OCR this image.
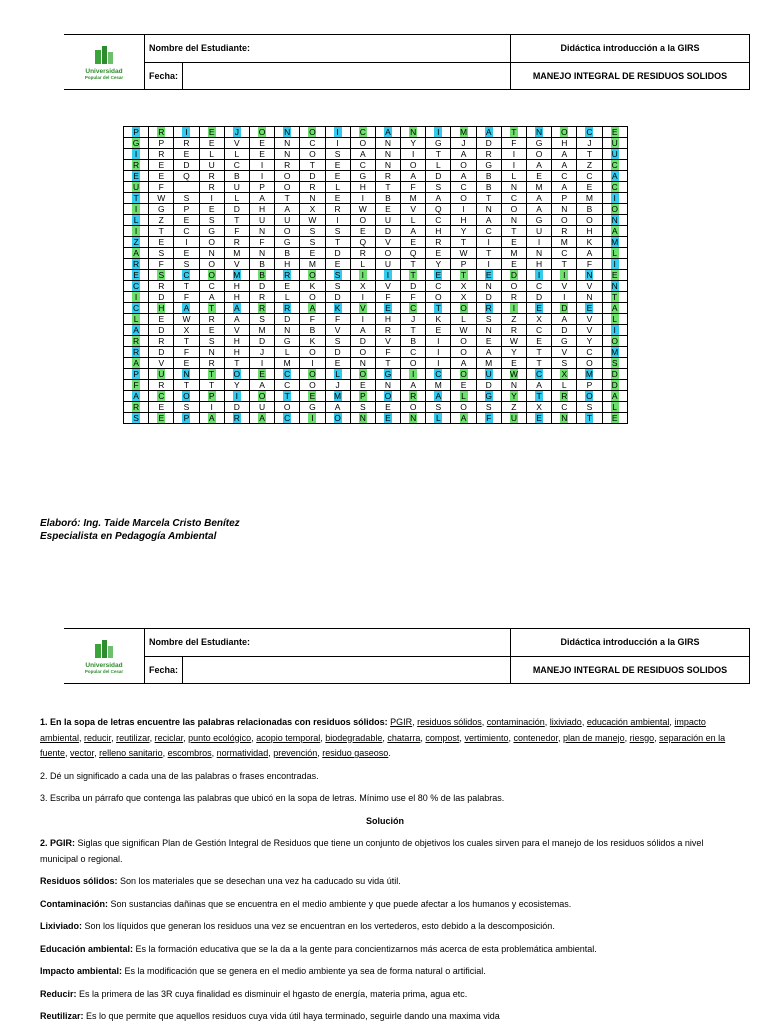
Universidad
Popular del Cesar	Nombre del Estudiante:		Didáctica introducción a la GIRS
	Fecha:		MANEJO INTEGRAL DE RESIDUOS SOLIDOS
P	R	I	E	J	O	N	O	I	C	A	N	I	M	A	T	N	O	C	E
G	P	R	E	V	E	N	C	I	O	N	Y	G	J	D	F	G	H	J	U
I	R	E	L	L	E	N	O	S	A	N	I	T	A	R	I	O	A	T	U
R	E	D	U	C	I	R	T	E	C	N	O	L	O	G	I	A	A	Z	C
E	E	Q	R	B	I	O	D	E	G	R	A	D	A	B	L	E	C	C	A
U	F		R	U	P	O	R	L	H	T	F	S	C	B	N	M	A	E	C
T	W	S	I	L	A	T	N	E	I	B	M	A	O	T	C	A	P	M	I
I	G	P	E	D	H	A	X	R	W	E	V	Q	I	N	O	A	N	B	O
L	Z	E	S	T	U	U	W	I	O	U	L	C	H	A	N	G	O	O	N
I	T	C	G	F	N	O	S	S	E	D	A	H	Y	C	T	U	R	H	A
Z	E	I	O	R	F	G	S	T	Q	V	E	R	T	I	E	I	M	K	M
A	S	E	N	M	N	B	E	D	R	O	Q	E	W	T	M	N	C	A	L
R	F	S	O	V	B	H	M	E	L	U	T	Y	P	I	E	H	T	F	I
E	S	C	O	M	B	R	O	S	I	I	T	E	T	E	D	I	I	N	E
C	R	T	C	H	D	E	K	S	X	V	D	C	X	N	O	C	V	V	N
I	D	F	A	H	R	L	O	D	I	F	F	O	X	D	R	D	I	N	T
C	H	A	T	A	R	R	A	K	V	E	C	T	O	R	I	E	D	E	A
L	E	W	R	A	S	D	F	F	I	H	J	K	L	S	Z	X	A	V	L
A	D	X	E	V	M	N	B	V	A	R	T	E	W	N	R	C	D	V	I
R	R	T	S	H	D	G	K	S	D	V	B	I	O	E	W	E	G	Y	O
R	D	F	N	H	J	L	O	D	O	F	C	I	O	A	Y	T	V	C	M
A	V	E	R	T	I	M	I	E	N	T	O	I	A	M	E	T	S	O	S
P	U	N	T	O	E	C	O	L	O	G	I	C	O	U	W	C	X	M	D
F	R	T	T	Y	A	C	O	J	E	N	A	M	E	D	N	A	L	P	D
A	C	O	P	I	O	T	E	M	P	O	R	A	L	G	Y	T	R	O	A
R	E	S	I	D	U	O	G	A	S	E	O	S	O	S	Z	X	C	S	L
S	E	P	A	R	A	C	I	O	N	E	N	L	A	F	U	E	N	T	E
Elaboró: Ing. Taide Marcela Cristo Benítez
Especialista en Pedagogía Ambiental
Universidad
Popular del Cesar	Nombre del Estudiante:		Didáctica introducción a la GIRS
	Fecha:		MANEJO INTEGRAL DE RESIDUOS SOLIDOS

1. En la sopa de letras encuentre las palabras relacionadas con residuos sólidos: PGIR, residuos sólidos, contaminación, lixiviado, educación ambiental, impacto ambiental, reducir, reutilizar, reciclar, punto ecológico, acopio temporal, biodegradable, chatarra, compost, vertimiento, contenedor, plan de manejo, riesgo, separación en la fuente, vector, relleno sanitario, escombros, normatividad, prevención, residuo gaseoso.

2. Dé un significado a cada una de las palabras o frases encontradas.

3. Escriba un párrafo que contenga las palabras que ubicó en la sopa de letras. Mínimo use el 80 % de las palabras.

Solución

2. PGIR: Siglas que significan Plan de Gestión Integral de Residuos que tiene un conjunto de objetivos los cuales sirven para el manejo de los residuos sólidos a nivel municipal o regional.

Residuos sólidos: Son los materiales que se desechan una vez ha caducado su vida útil.

Contaminación: Son sustancias dañinas que se encuentra en el medio ambiente y que puede afectar a los humanos y ecosistemas.

Lixiviado: Son los líquidos que generan los residuos una vez se encuentran en los vertederos, esto debido a la descomposición.

Educación ambiental: Es la formación educativa que se la da a la gente para concientizarnos más acerca de esta problemática ambiental.

Impacto ambiental: Es la modificación que se genera en el medio ambiente ya sea de forma natural o artificial.

Reducir: Es la primera de las 3R cuya finalidad es disminuir el hgasto de energía, materia prima, agua etc.

Reutilizar: Es lo que permite que aquellos residuos cuya vida útil haya terminado, seguirle dando una maxima vida
